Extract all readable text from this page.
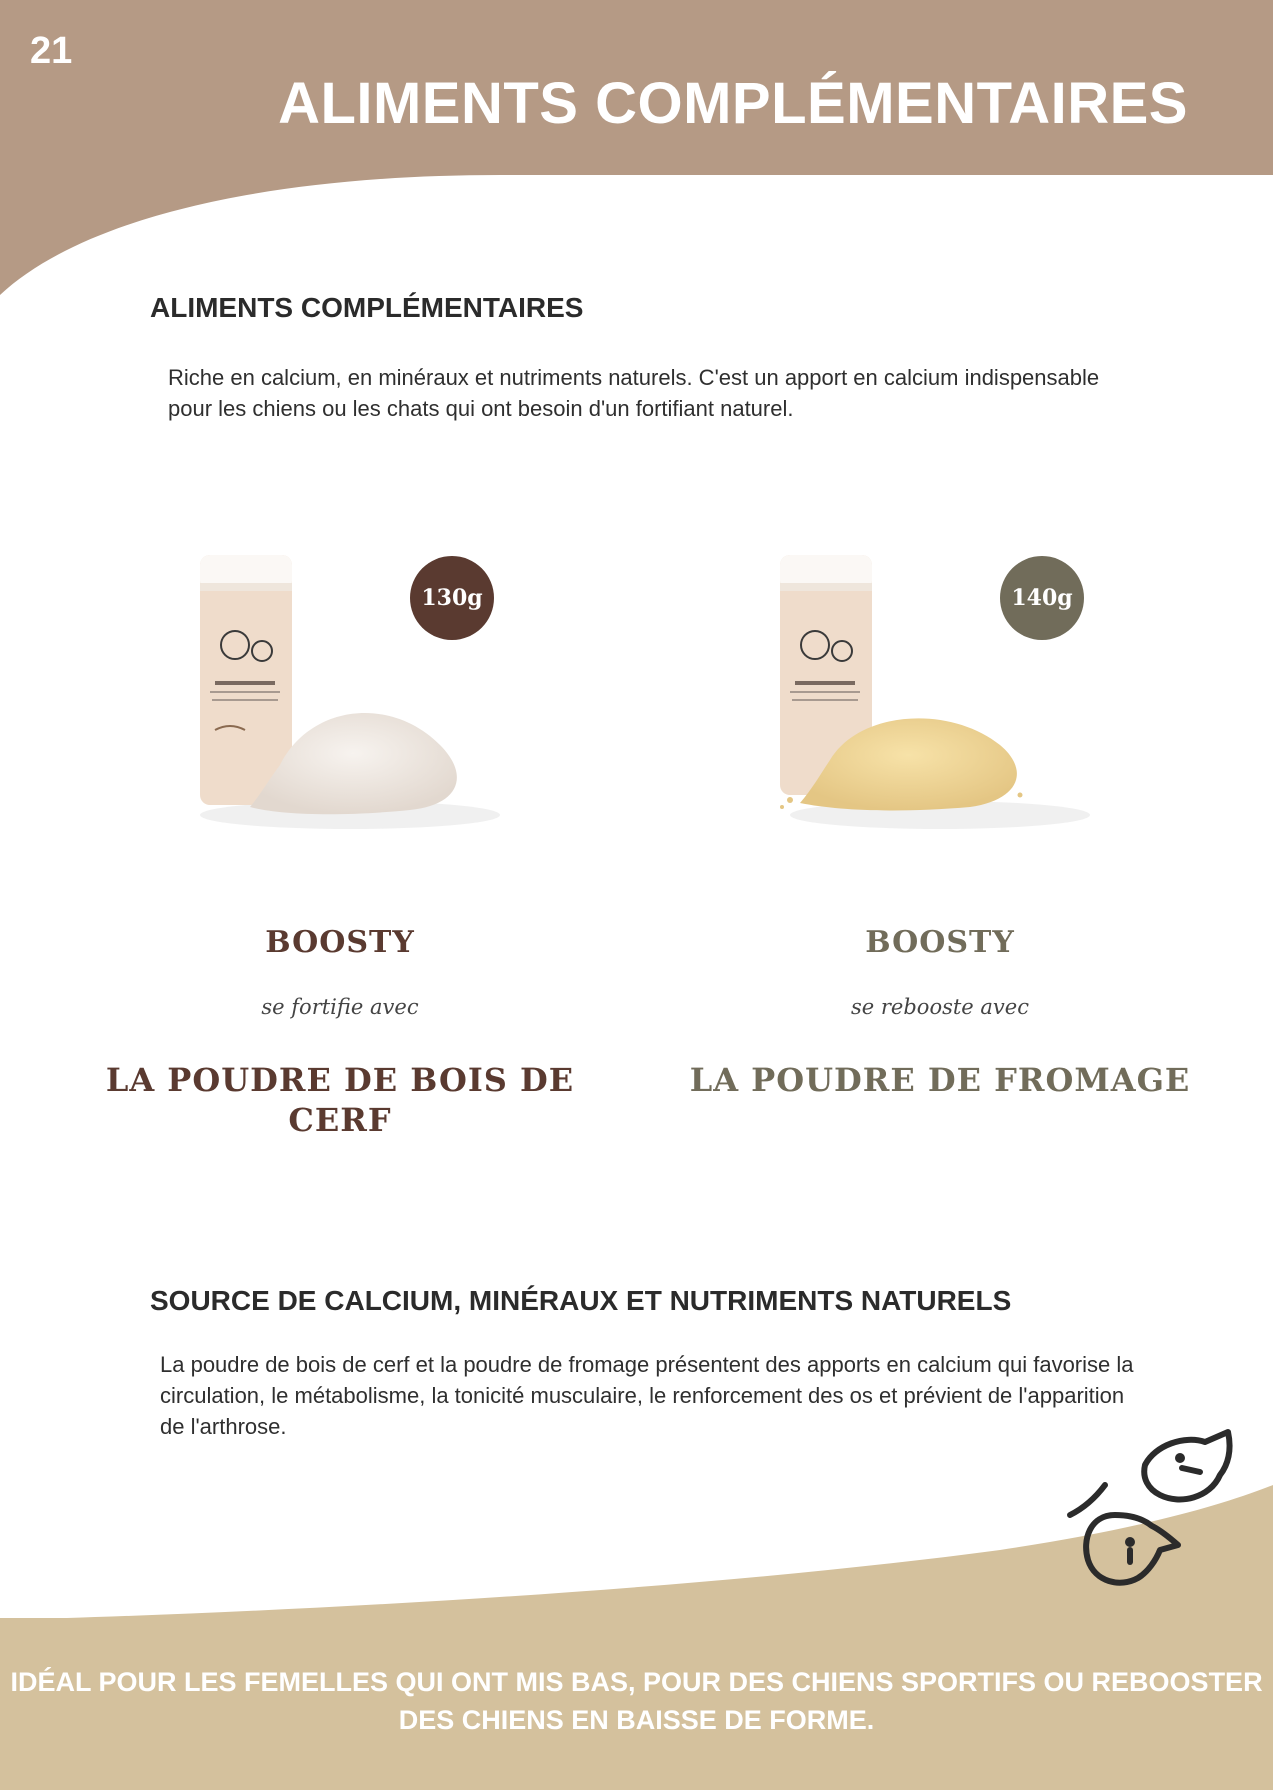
21
ALIMENTS COMPLÉMENTAIRES
ALIMENTS COMPLÉMENTAIRES

Riche en calcium, en minéraux et nutriments naturels. C'est un apport en calcium indispensable pour les chiens ou les chats qui ont besoin d'un fortifiant naturel.

130g
BOOSTY
se fortifie avec
LA POUDRE DE BOIS DE CERF
140g
BOOSTY
se rebooste avec
LA POUDRE DE FROMAGE
SOURCE DE CALCIUM, MINÉRAUX ET NUTRIMENTS NATURELS

La poudre de bois de cerf et la poudre de fromage présentent des apports en calcium qui favorise la circulation, le métabolisme, la tonicité musculaire, le renforcement des os et prévient de l'apparition de l'arthrose.

IDÉAL POUR LES FEMELLES QUI ONT MIS BAS, POUR DES CHIENS SPORTIFS OU REBOOSTER DES CHIENS EN BAISSE DE FORME.
